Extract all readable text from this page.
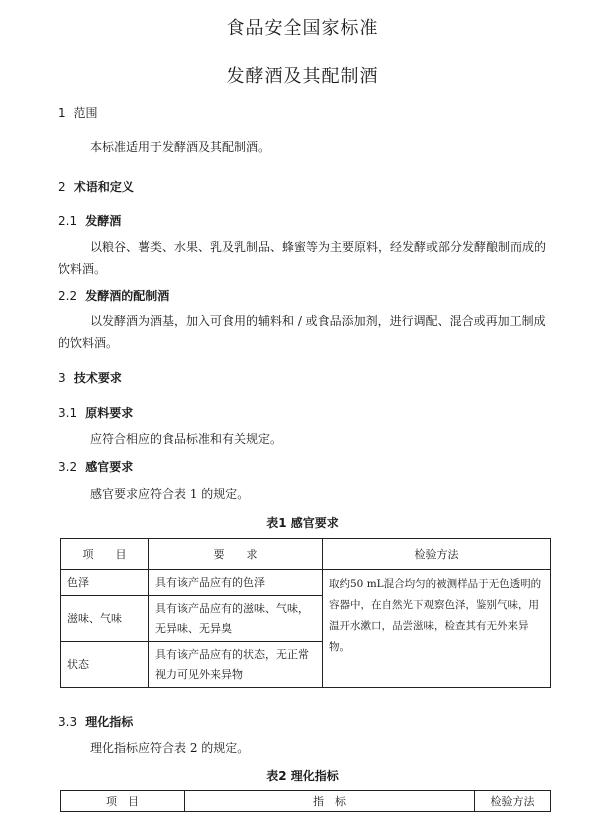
食品安全国家标准
发酵酒及其配制酒
1 范围
本标准适用于发酵酒及其配制酒。
2 术语和定义
2.1 发酵酒
以粮谷、薯类、水果、乳及乳制品、蜂蜜等为主要原料，经发酵或部分发酵酿制而成的饮料酒。
2.2 发酵酒的配制酒
以发酵酒为酒基，加入可食用的辅料和 / 或食品添加剂，进行调配、混合或再加工制成的饮料酒。
3 技术要求
3.1 原料要求
应符合相应的食品标准和有关规定。
3.2 感官要求
感官要求应符合表 1 的规定。
表1 感官要求
项　　目	要　　求	检验方法
色泽	具有该产品应有的色泽	取约50 mL混合均匀的被测样品于无色透明的容器中，在自然光下观察色泽，鉴别气味，用温开水漱口，品尝滋味，检查其有无外来异物。
滋味、气味	具有该产品应有的滋味、气味，无异味、无异臭	
状态	具有该产品应有的状态，无正常视力可见外来异物	
3.3 理化指标
理化指标应符合表 2 的规定。
表2 理化指标
项　目	指　标	检验方法
